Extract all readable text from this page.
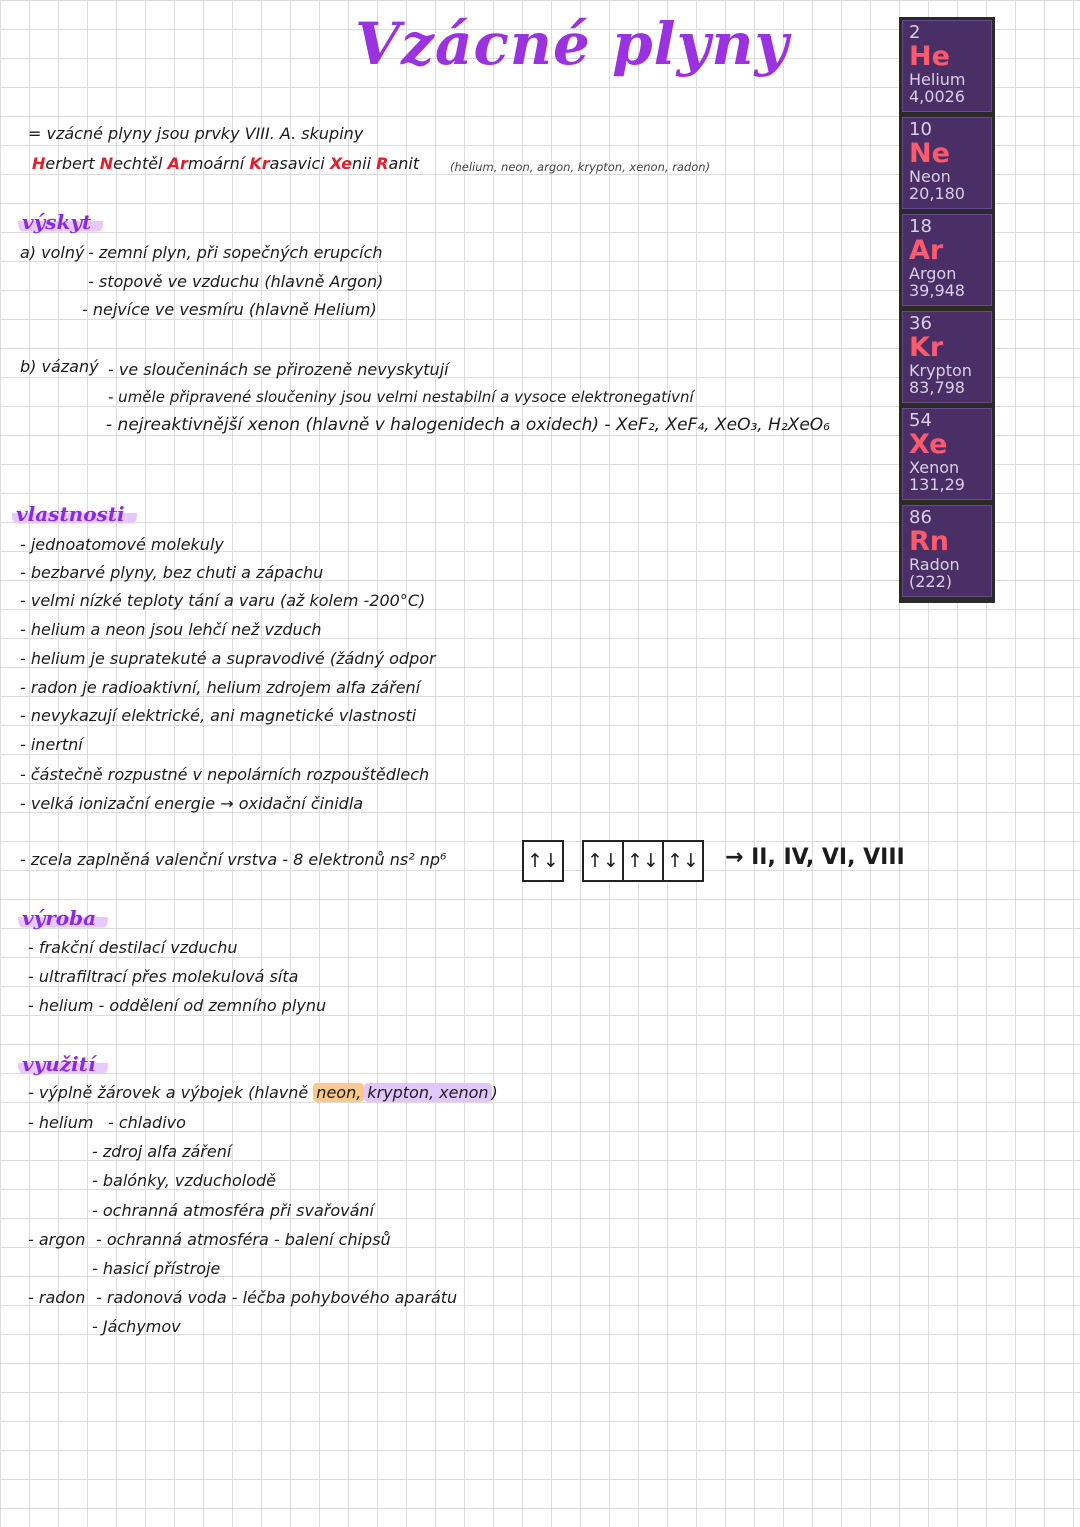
Vzácné plyny
= vzácné plyny jsou prvky VIII. A. skupiny
Herbert Nechtěl Armoární Krasavici Xenii Ranit	(helium, neon, argon, krypton, xenon, radon)
výskyt
a) volný - zemní plyn, při sopečných erupcích
- stopově ve vzduchu (hlavně Argon)
- nejvíce ve vesmíru (hlavně Helium)
b) vázaný - ve sloučeninách se přirozeně nevyskytují
- uměle připravené sloučeniny jsou velmi nestabilní a vysoce elektronegativní
- nejreaktivnější xenon (hlavně v halogenidech a oxidech) - XeF₂, XeF₄, XeO₃, H₂XeO₆
vlastnosti
- jednoatomové molekuly
- bezbarvé plyny, bez chuti a zápachu
- velmi nízké teploty tání a varu (až kolem -200°C)
- helium a neon jsou lehčí než vzduch
- helium je supratekuté a supravodivé (žádný odpor
- radon je radioaktivní, helium zdrojem alfa záření
- nevykazují elektrické, ani magnetické vlastnosti
- inertní
- částečně rozpustné v nepolárních rozpouštědlech
- velká ionizační energie → oxidační činidla
- zcela zaplněná valenční vrstva - 8 elektronů ns² np⁶	↑↓ ↑↓ ↑↓ ↑↓ → II, IV, VI, VIII
výroba
- frakční destilací vzduchu
- ultrafiltrací přes molekulová síta
- helium - oddělení od zemního plynu
využití
- výplně žárovek a výbojek (hlavně neon, krypton, xenon )
- helium - chladivo
- zdroj alfa záření
- balónky, vzducholodě
- ochranná atmosféra při svařování
- argon - ochranná atmosféra - balení chipsů
- hasicí přístroje
- radon - radonová voda - léčba pohybového aparátu
- Jáchymov
2
He
Helium
4,0026
10
Ne
Neon
20,180
18
Ar
Argon
39,948
36
Kr
Krypton
83,798
54
Xe
Xenon
131,29
86
Rn
Radon
(222)
